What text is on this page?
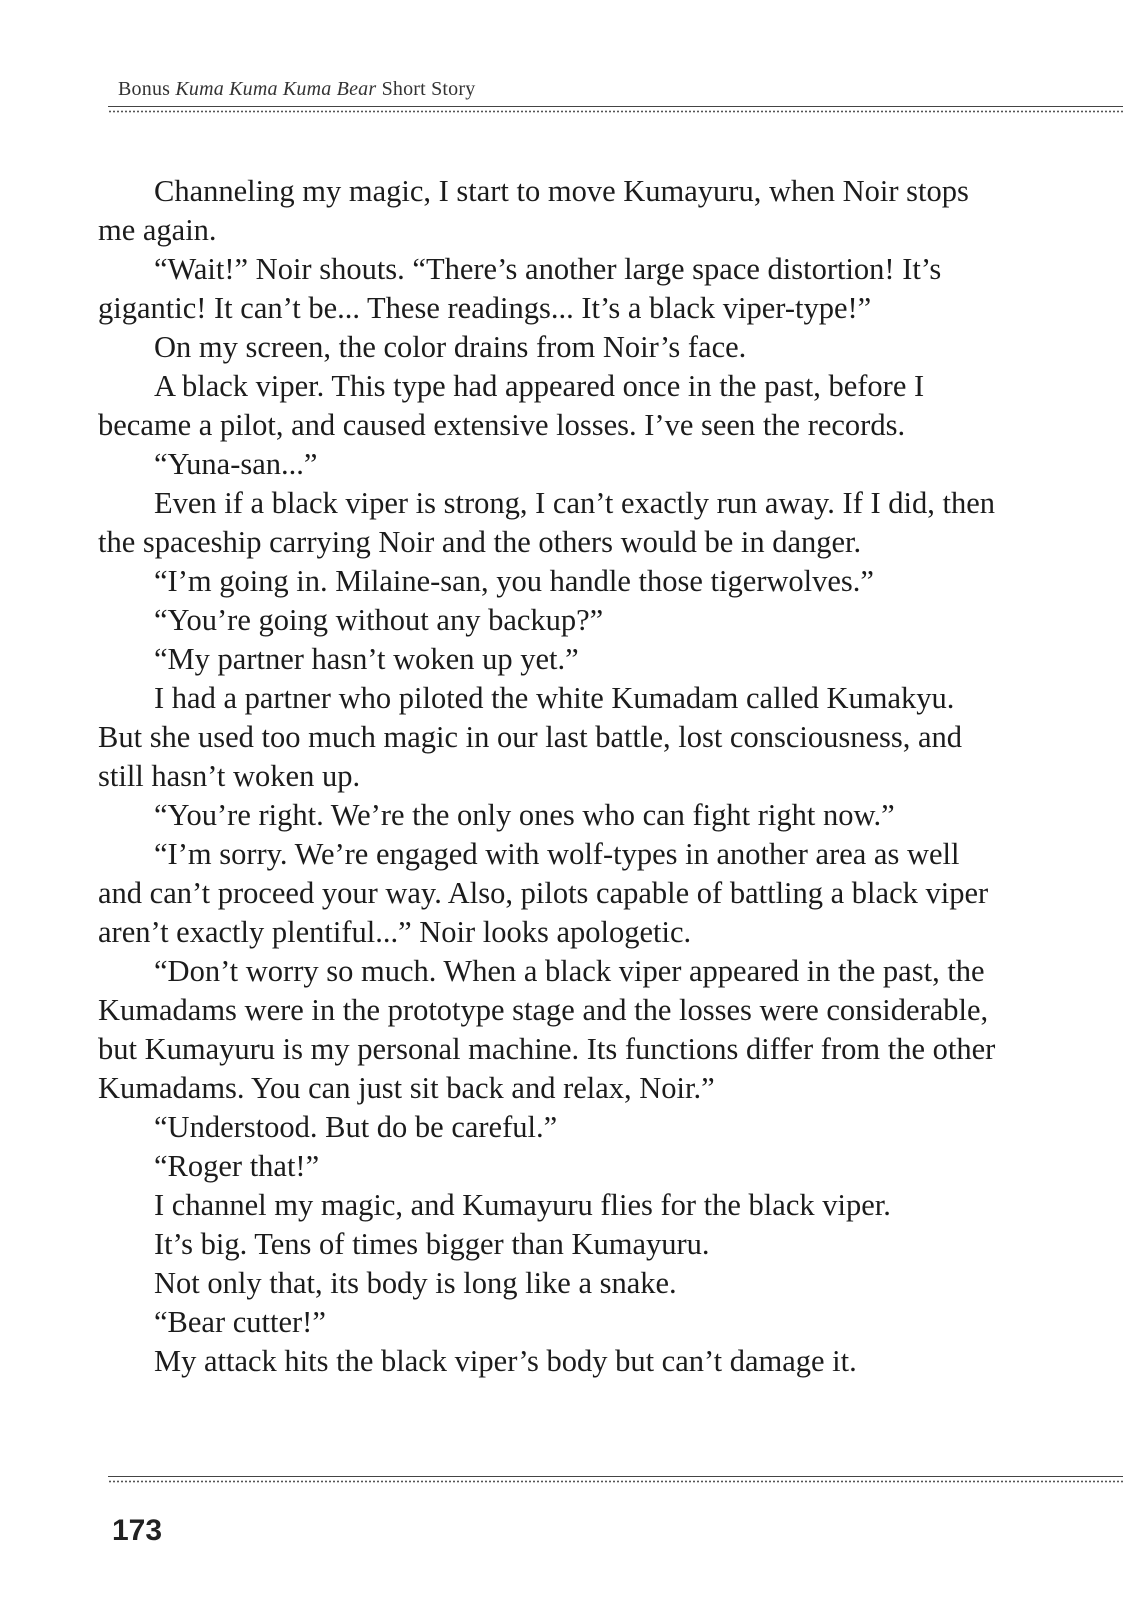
Bonus Kuma Kuma Kuma Bear Short Story

Channeling my magic, I start to move Kumayuru, when Noir stops me again.

“Wait!” Noir shouts. “There’s another large space distortion! It’s gigantic! It can’t be... These readings... It’s a black viper-type!”

On my screen, the color drains from Noir’s face.

A black viper. This type had appeared once in the past, before I became a pilot, and caused extensive losses. I’ve seen the records.

“Yuna-san...”

Even if a black viper is strong, I can’t exactly run away. If I did, then the spaceship carrying Noir and the others would be in danger.

“I’m going in. Milaine-san, you handle those tigerwolves.”

“You’re going without any backup?”

“My partner hasn’t woken up yet.”

I had a partner who piloted the white Kumadam called Kumakyu. But she used too much magic in our last battle, lost consciousness, and still hasn’t woken up.

“You’re right. We’re the only ones who can fight right now.”

“I’m sorry. We’re engaged with wolf-types in another area as well and can’t proceed your way. Also, pilots capable of battling a black viper aren’t exactly plentiful...” Noir looks apologetic.

“Don’t worry so much. When a black viper appeared in the past, the Kumadams were in the prototype stage and the losses were considerable, but Kumayuru is my personal machine. Its functions differ from the other Kumadams. You can just sit back and relax, Noir.”

“Understood. But do be careful.”

“Roger that!”

I channel my magic, and Kumayuru flies for the black viper.

It’s big. Tens of times bigger than Kumayuru.

Not only that, its body is long like a snake.

“Bear cutter!”

My attack hits the black viper’s body but can’t damage it.

173
